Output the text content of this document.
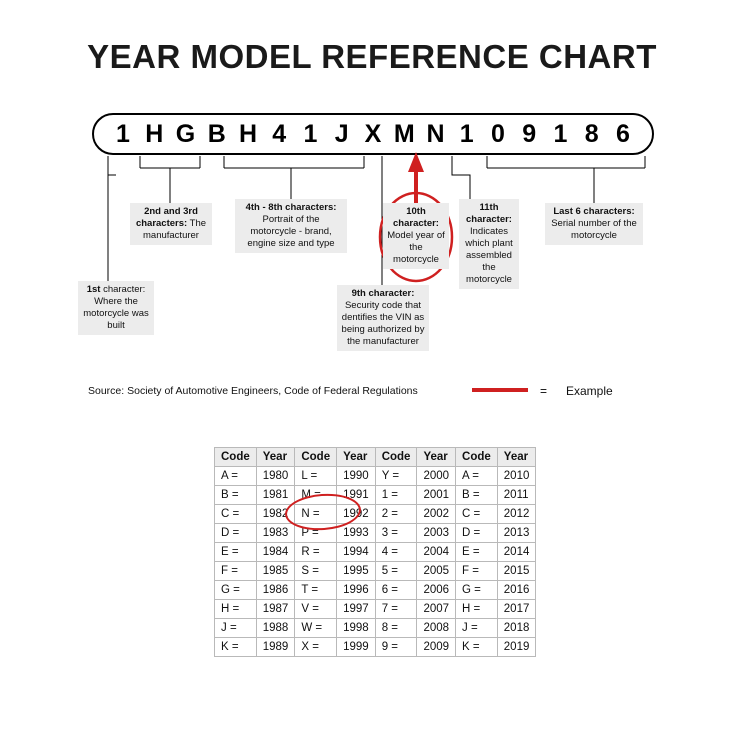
YEAR MODEL REFERENCE CHART
1 H G B H 4 1 J X M N 1 0 9 1 8 6
1st character: Where the motorcycle was built
2nd and 3rd characters: The manufacturer
4th - 8th characters: Portrait of the motorcycle - brand, engine size and type
9th character: Security code that dentifies the VIN as being authorized by the manufacturer
10th character: Model year of the motorcycle
11th character: Indicates which plant assembled the motorcycle
Last 6 characters: Serial number of the motorcycle
Source: Society of Automotive Engineers, Code of Federal Regulations	= Example
Code	Year	Code	Year	Code	Year	Code	Year
A =	1980	L =	1990	Y =	2000	A =	2010
B =	1981	M =	1991	1 =	2001	B =	2011
C =	1982	N =	1992	2 =	2002	C =	2012
D =	1983	P =	1993	3 =	2003	D =	2013
E =	1984	R =	1994	4 =	2004	E =	2014
F =	1985	S =	1995	5 =	2005	F =	2015
G =	1986	T =	1996	6 =	2006	G =	2016
H =	1987	V =	1997	7 =	2007	H =	2017
J =	1988	W =	1998	8 =	2008	J =	2018
K =	1989	X =	1999	9 =	2009	K =	2019
